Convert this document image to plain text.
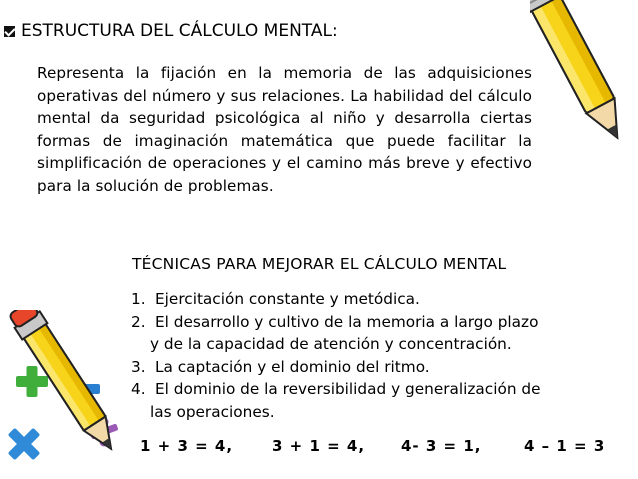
ESTRUCTURA DEL CÁLCULO MENTAL:
Representa la fijación en la memoria de las adquisiciones operativas del número y sus relaciones. La habilidad del cálculo mental da seguridad psicológica al niño y desarrolla ciertas formas de imaginación matemática que puede facilitar la simplificación de operaciones y el camino más breve y efectivo para la solución de problemas.
TÉCNICAS PARA MEJORAR EL CÁLCULO MENTAL
1. Ejercitación constante y metódica.
2. El desarrollo y cultivo de la memoria a largo plazo
y de la capacidad de atención y concentración.
3. La captación y el dominio del ritmo.
4. El dominio de la reversibilidad y generalización de
las operaciones.
1 + 3 = 4,	3 + 1 = 4, 4- 3 = 1,	4 – 1 = 3
